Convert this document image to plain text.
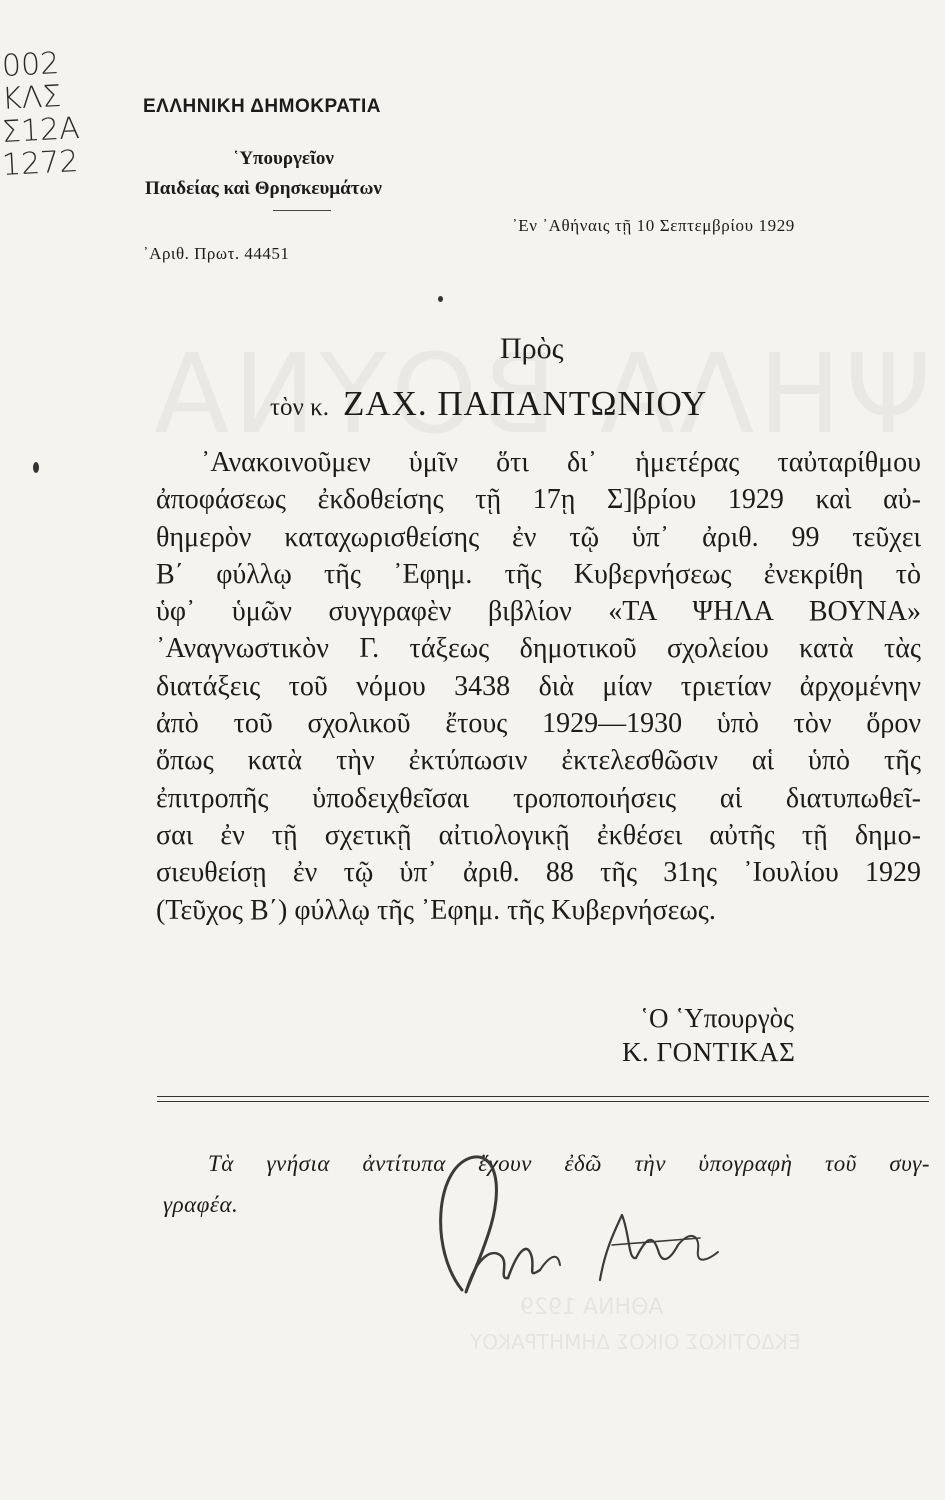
ΑΘΗΝΑ 1929
ΕΚΔΟΤΙΚΟΣ ΟΙΚΟΣ ΔΗΜΗΤΡΑΚΟΥ
002
ΚΛΣ
Σ12Α
1272
ΕΛΛΗΝΙΚΗ ΔΗΜΟΚΡΑΤΙΑ
῾Υπουργεῖον
Παιδείας καὶ Θρησκευμάτων
᾿Αριθ. Πρωτ. 44451
᾿Εν ᾿Αθήναις τῇ 10 Σεπτεμβρίου 1929
Πρὸς
τὸν κ. ΖΑΧ. ΠΑΠΑΝΤΩΝΙΟΥ
᾿Ανακοινοῦμεν ὑμῖν ὅτι δι᾿ ἡμετέρας ταὐταρίθμου
ἀποφάσεως ἐκδοθείσης τῇ 17ῃ Σ]βρίου 1929 καὶ αὐ-
θημερὸν καταχωρισθείσης ἐν τῷ ὑπ᾿ ἀριθ. 99 τεῦχει
Β΄ φύλλῳ τῆς ᾿Εφημ. τῆς Κυβερνήσεως ἐνεκρίθη τὸ
ὑφ᾿ ὑμῶν συγγραφὲν βιβλίον «ΤΑ ΨΗΛΑ ΒΟΥΝΑ»
᾿Αναγνωστικὸν Γ. τάξεως δημοτικοῦ σχολείου κατὰ τὰς
διατάξεις τοῦ νόμου 3438 διὰ μίαν τριετίαν ἀρχομένην
ἀπὸ τοῦ σχολικοῦ ἔτους 1929—1930 ὑπὸ τὸν ὅρον
ὅπως κατὰ τὴν ἐκτύπωσιν ἐκτελεσθῶσιν αἱ ὑπὸ τῆς
ἐπιτροπῆς ὑποδειχθεῖσαι τροποποιήσεις αἱ διατυπωθεῖ-
σαι ἐν τῇ σχετικῇ αἰτιολογικῇ ἐκθέσει αὐτῆς τῇ δημο-
σιευθείσῃ ἐν τῷ ὑπ᾿ ἀριθ. 88 τῆς 31ης ᾿Ιουλίου 1929
(Τεῦχος Β΄) φύλλῳ τῆς ᾿Εφημ. τῆς Κυβερνήσεως.
῾Ο ῾Υπουργὸς
Κ. ΓΟΝΤΙΚΑΣ
Τὰ γνήσια ἀντίτυπα ἔχουν ἐδῶ τὴν ὑπογραφὴ τοῦ συγ-
γραφέα.
